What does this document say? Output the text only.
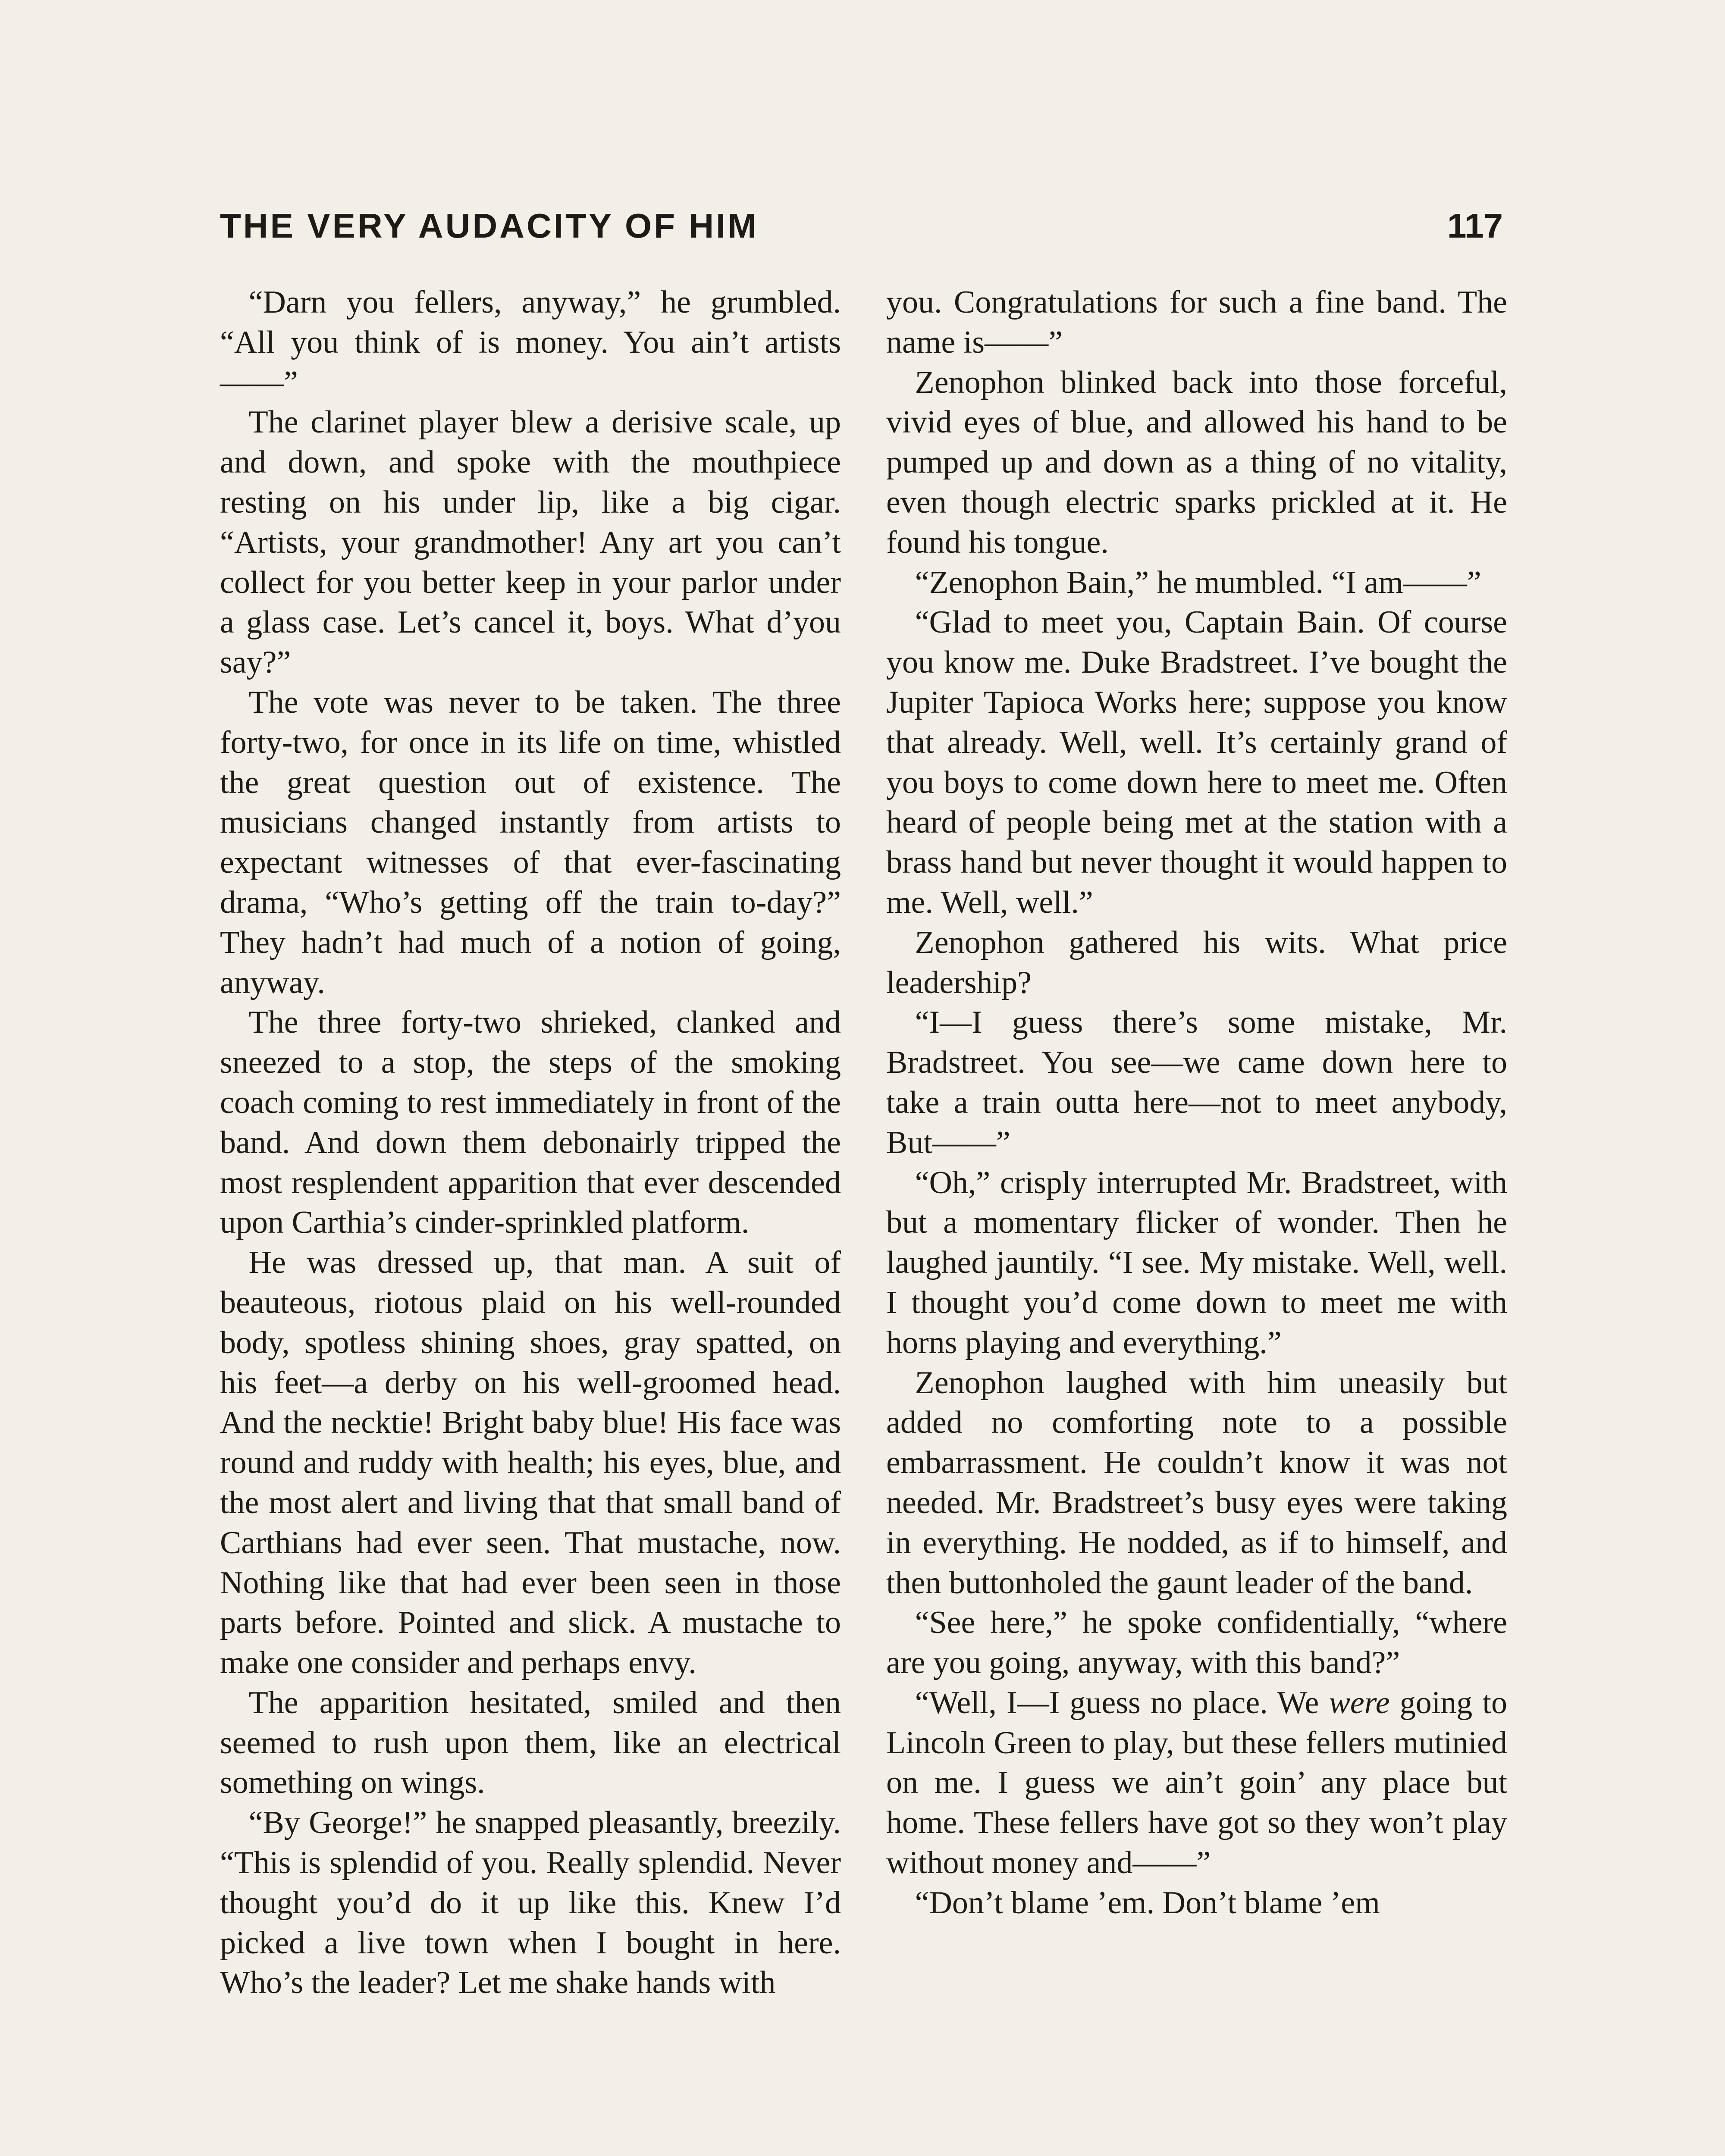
THE VERY AUDACITY OF HIM	117

“Darn you fellers, anyway,” he grumbled. “All you think of is money. You ain’t artists——”

The clarinet player blew a derisive scale, up and down, and spoke with the mouthpiece resting on his under lip, like a big cigar. “Artists, your grandmother! Any art you can’t collect for you better keep in your parlor under a glass case. Let’s cancel it, boys. What d’you say?”

The vote was never to be taken. The three forty-two, for once in its life on time, whistled the great question out of existence. The musicians changed instantly from artists to expectant witnesses of that ever-fascinating drama, “Who’s getting off the train to-day?” They hadn’t had much of a notion of going, anyway.

The three forty-two shrieked, clanked and sneezed to a stop, the steps of the smoking coach coming to rest immediately in front of the band. And down them debonairly tripped the most resplendent apparition that ever descended upon Carthia’s cinder-sprinkled platform.

He was dressed up, that man. A suit of beauteous, riotous plaid on his well-rounded body, spotless shining shoes, gray spatted, on his feet—a derby on his well-groomed head. And the necktie! Bright baby blue! His face was round and ruddy with health; his eyes, blue, and the most alert and living that that small band of Carthians had ever seen. That mustache, now. Nothing like that had ever been seen in those parts before. Pointed and slick. A mustache to make one consider and perhaps envy.

The apparition hesitated, smiled and then seemed to rush upon them, like an electrical something on wings.

“By George!” he snapped pleasantly, breezily. “This is splendid of you. Really splendid. Never thought you’d do it up like this. Knew I’d picked a live town when I bought in here. Who’s the leader? Let me shake hands with

you. Congratulations for such a fine band. The name is——”

Zenophon blinked back into those forceful, vivid eyes of blue, and allowed his hand to be pumped up and down as a thing of no vitality, even though electric sparks prickled at it. He found his tongue.

“Zenophon Bain,” he mumbled. “I am——”

“Glad to meet you, Captain Bain. Of course you know me. Duke Bradstreet. I’ve bought the Jupiter Tapioca Works here; suppose you know that already. Well, well. It’s certainly grand of you boys to come down here to meet me. Often heard of people being met at the station with a brass hand but never thought it would happen to me. Well, well.”

Zenophon gathered his wits. What price leadership?

“I—I guess there’s some mistake, Mr. Bradstreet. You see—we came down here to take a train outta here—not to meet anybody, But——”

“Oh,” crisply interrupted Mr. Bradstreet, with but a momentary flicker of wonder. Then he laughed jauntily. “I see. My mistake. Well, well. I thought you’d come down to meet me with horns playing and everything.”

Zenophon laughed with him uneasily but added no comforting note to a possible embarrassment. He couldn’t know it was not needed. Mr. Bradstreet’s busy eyes were taking in everything. He nodded, as if to himself, and then buttonholed the gaunt leader of the band.

“See here,” he spoke confidentially, “where are you going, anyway, with this band?”

“Well, I—I guess no place. We were going to Lincoln Green to play, but these fellers mutinied on me. I guess we ain’t goin’ any place but home. These fellers have got so they won’t play without money and——”

“Don’t blame ’em. Don’t blame ’em
